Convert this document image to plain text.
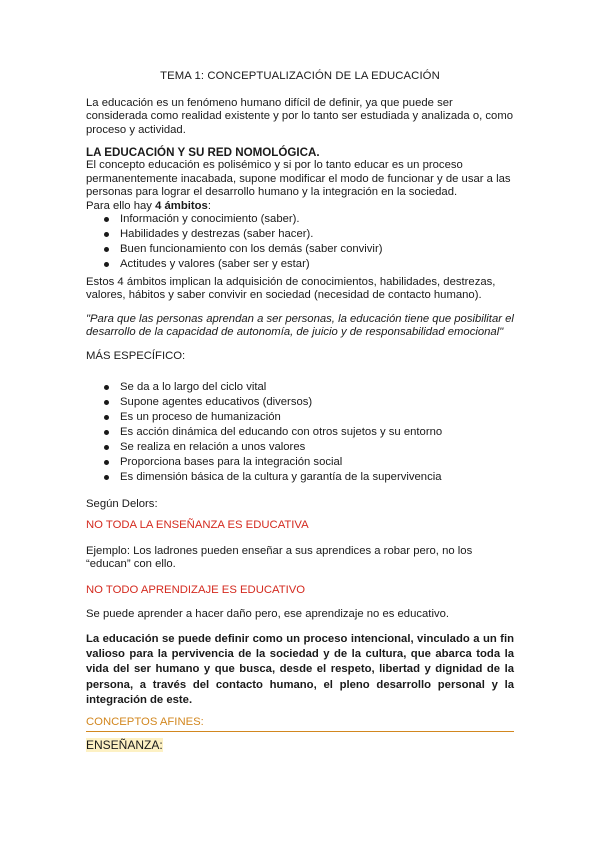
TEMA 1: CONCEPTUALIZACIÓN DE LA EDUCACIÓN

La educación es un fenómeno humano difícil de definir, ya que puede ser considerada como realidad existente y por lo tanto ser estudiada y analizada o, como proceso y actividad.

LA EDUCACIÓN Y SU RED NOMOLÓGICA.

El concepto educación es polisémico y si por lo tanto educar es un proceso permanentemente inacabada, supone modificar el modo de funcionar y de usar a las personas para lograr el desarrollo humano y la integración en la sociedad.

Para ello hay 4 ámbitos:

Información y conocimiento (saber).
Habilidades y destrezas (saber hacer).
Buen funcionamiento con los demás (saber convivir)
Actitudes y valores (saber ser y estar)

Estos 4 ámbitos implican la adquisición de conocimientos, habilidades, destrezas, valores, hábitos y saber convivir en sociedad (necesidad de contacto humano).

"Para que las personas aprendan a ser personas, la educación tiene que posibilitar el desarrollo de la capacidad de autonomía, de juicio y de responsabilidad emocional"

MÁS ESPECÍFICO:

Se da a lo largo del ciclo vital
Supone agentes educativos (diversos)
Es un proceso de humanización
Es acción dinámica del educando con otros sujetos y su entorno
Se realiza en relación a unos valores
Proporciona bases para la integración social
Es dimensión básica de la cultura y garantía de la supervivencia

Según Delors:

NO TODA LA ENSEÑANZA ES EDUCATIVA

Ejemplo: Los ladrones pueden enseñar a sus aprendices a robar pero, no los “educan” con ello.

NO TODO APRENDIZAJE ES EDUCATIVO

Se puede aprender a hacer daño pero, ese aprendizaje no es educativo.

La educación se puede definir como un proceso intencional, vinculado a un fin valioso para la pervivencia de la sociedad y de la cultura, que abarca toda la vida del ser humano y que busca, desde el respeto, libertad y dignidad de la persona, a través del contacto humano, el pleno desarrollo personal y la integración de este.

CONCEPTOS AFINES:

ENSEÑANZA:
